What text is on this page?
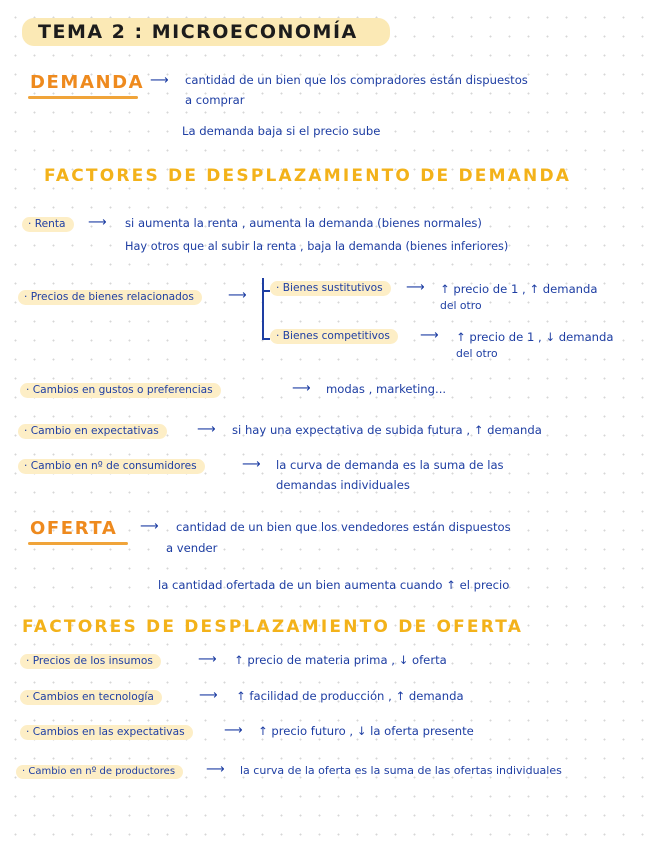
TEMA 2 : MICROECONOMÍA
DEMANDA ⟶ cantidad de un bien que los compradores están dispuestos
a comprar
La demanda baja si el precio sube
FACTORES DE DESPLAZAMIENTO DE DEMANDA
· Renta	⟶ si aumenta la renta , aumenta la demanda (bienes normales)
Hay otros que al subir la renta , baja la demanda (bienes inferiores)
· Precios de bienes relacionados	⟶	· Bienes sustitutivos	⟶ ↑ precio de 1 , ↑ demanda
del otro
· Bienes competitivos	⟶ ↑ precio de 1 , ↓ demanda
del otro
· Cambios en gustos o preferencias	⟶ modas , marketing...
· Cambio en expectativas	⟶ si hay una expectativa de subida futura , ↑ demanda
· Cambio en nº de consumidores	⟶ la curva de demanda es la suma de las
demandas individuales
OFERTA ⟶ cantidad de un bien que los vendedores están dispuestos
a vender
la cantidad ofertada de un bien aumenta cuando ↑ el precio
FACTORES DE DESPLAZAMIENTO DE OFERTA
· Precios de los insumos	⟶ ↑ precio de materia prima , ↓ oferta
· Cambios en tecnología	⟶ ↑ facilidad de producción , ↑ demanda
· Cambios en las expectativas	⟶ ↑ precio futuro , ↓ la oferta presente
· Cambio en nº de productores	⟶ la curva de la oferta es la suma de las ofertas individuales
